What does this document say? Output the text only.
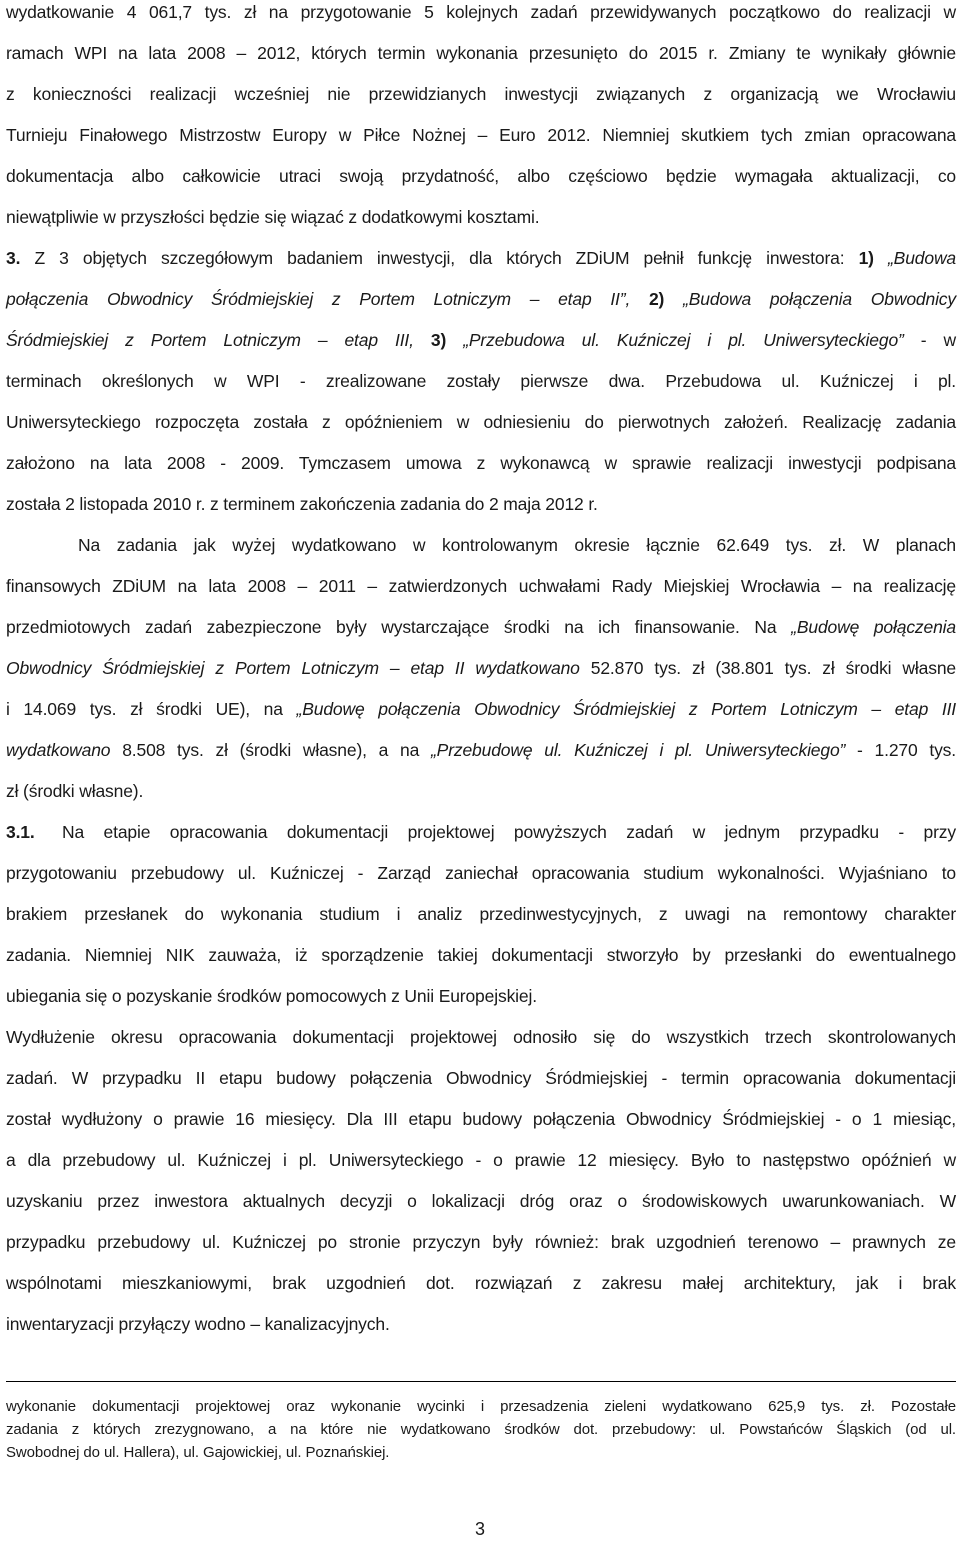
wydatkowanie 4 061,7 tys. zł na przygotowanie 5 kolejnych zadań przewidywanych początkowo do realizacji w

ramach WPI na lata 2008 – 2012, których termin wykonania przesunięto do 2015 r. Zmiany te wynikały głównie

z konieczności realizacji wcześniej nie przewidzianych inwestycji związanych z organizacją we Wrocławiu

Turnieju Finałowego Mistrzostw Europy w Piłce Nożnej – Euro 2012. Niemniej skutkiem tych zmian opracowana

dokumentacja albo całkowicie utraci swoją przydatność, albo częściowo będzie wymagała aktualizacji, co

niewątpliwie w przyszłości będzie się wiązać z dodatkowymi kosztami.

3. Z 3 objętych szczegółowym badaniem inwestycji, dla których ZDiUM pełnił funkcję inwestora: 1) „Budowa

połączenia Obwodnicy Śródmiejskiej z Portem Lotniczym – etap II”, 2) „Budowa połączenia Obwodnicy

Śródmiejskiej z Portem Lotniczym – etap III, 3) „Przebudowa ul. Kuźniczej i pl. Uniwersyteckiego” - w

terminach określonych w WPI - zrealizowane zostały pierwsze dwa. Przebudowa ul. Kuźniczej i pl.

Uniwersyteckiego rozpoczęta została z opóźnieniem w odniesieniu do pierwotnych założeń. Realizację zadania

założono na lata 2008 - 2009. Tymczasem umowa z wykonawcą w sprawie realizacji inwestycji podpisana

została 2 listopada 2010 r. z terminem zakończenia zadania do 2 maja 2012 r.

Na zadania jak wyżej wydatkowano w kontrolowanym okresie łącznie 62.649 tys. zł. W planach

finansowych ZDiUM na lata 2008 – 2011 – zatwierdzonych uchwałami Rady Miejskiej Wrocławia – na realizację

przedmiotowych zadań zabezpieczone były wystarczające środki na ich finansowanie. Na „Budowę połączenia

Obwodnicy Śródmiejskiej z Portem Lotniczym – etap II wydatkowano 52.870 tys. zł (38.801 tys. zł środki własne

i 14.069 tys. zł środki UE), na „Budowę połączenia Obwodnicy Śródmiejskiej z Portem Lotniczym – etap III

wydatkowano 8.508 tys. zł (środki własne), a na „Przebudowę ul. Kuźniczej i pl. Uniwersyteckiego” - 1.270 tys.

zł (środki własne).

3.1.	Na etapie opracowania dokumentacji projektowej powyższych zadań w jednym przypadku - przy

przygotowaniu przebudowy ul. Kuźniczej - Zarząd zaniechał opracowania studium wykonalności. Wyjaśniano to

brakiem przesłanek do wykonania studium i analiz przedinwestycyjnych, z uwagi na remontowy charakter

zadania. Niemniej NIK zauważa, iż sporządzenie takiej dokumentacji stworzyło by przesłanki do ewentualnego

ubiegania się o pozyskanie środków pomocowych z Unii Europejskiej.

Wydłużenie okresu opracowania dokumentacji projektowej odnosiło się do wszystkich trzech skontrolowanych

zadań. W przypadku II etapu budowy połączenia Obwodnicy Śródmiejskiej - termin opracowania dokumentacji

został wydłużony o prawie 16 miesięcy. Dla III etapu budowy połączenia Obwodnicy Śródmiejskiej - o 1 miesiąc,

a dla przebudowy ul. Kuźniczej i pl. Uniwersyteckiego - o prawie 12 miesięcy. Było to następstwo opóźnień w

uzyskaniu przez inwestora aktualnych decyzji o lokalizacji dróg oraz o środowiskowych uwarunkowaniach. W

przypadku przebudowy ul. Kuźniczej po stronie przyczyn były również: brak uzgodnień terenowo – prawnych ze

wspólnotami mieszkaniowymi, brak uzgodnień dot. rozwiązań z zakresu małej architektury, jak i brak

inwentaryzacji przyłączy wodno – kanalizacyjnych.

wykonanie dokumentacji projektowej oraz wykonanie wycinki i przesadzenia zieleni wydatkowano 625,9 tys. zł. Pozostałe

zadania z których zrezygnowano, a na które nie wydatkowano środków dot. przebudowy: ul. Powstańców Śląskich (od ul.

Swobodnej do ul. Hallera), ul. Gajowickiej, ul. Poznańskiej.

3
